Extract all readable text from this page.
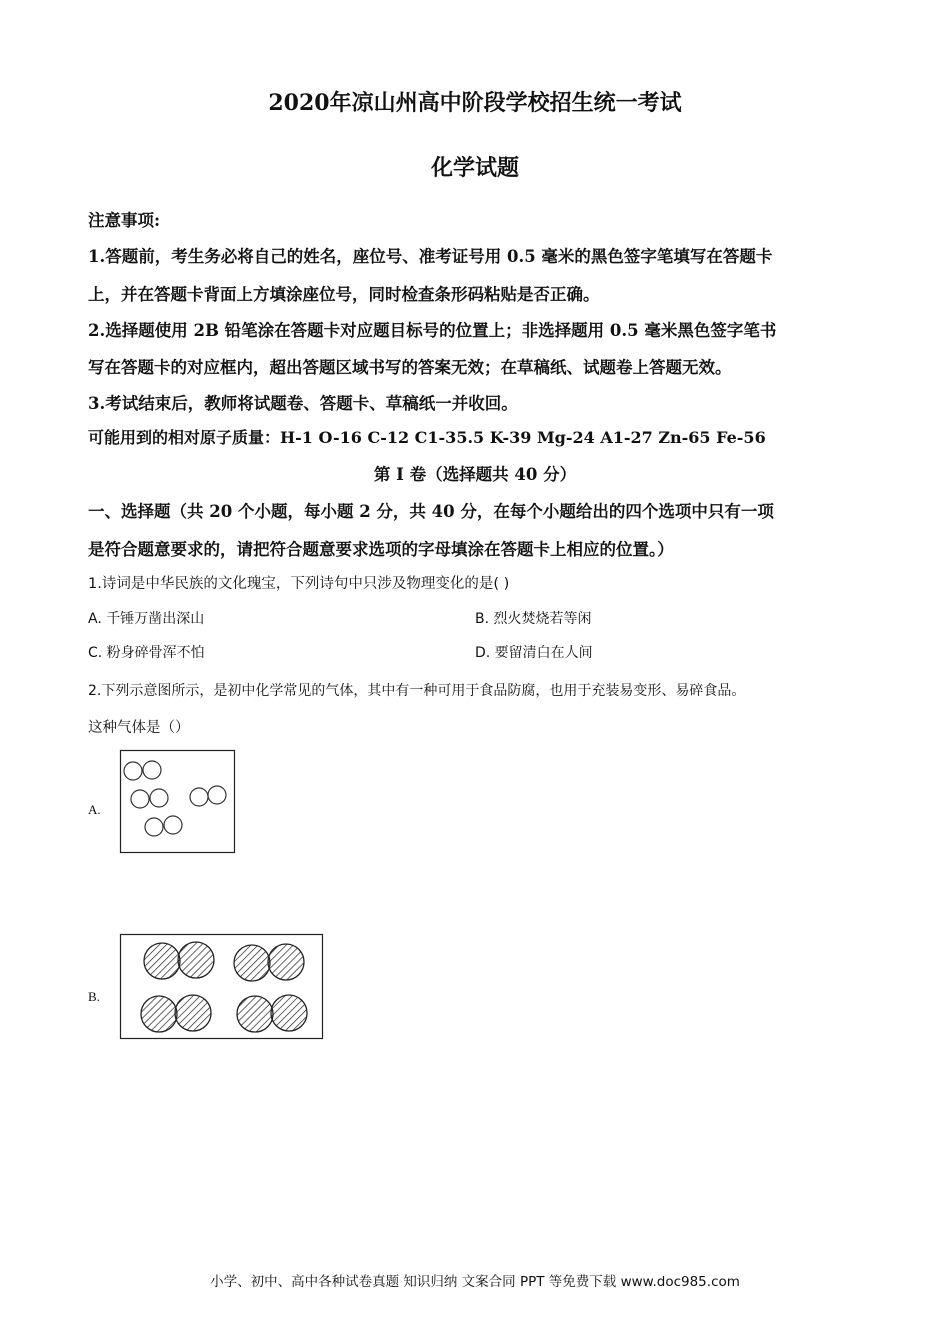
2020年凉山州高中阶段学校招生统一考试
化学试题
注意事项:
1.答题前，考生务必将自己的姓名，座位号、准考证号用 0.5 毫米的黑色签字笔填写在答题卡
上，并在答题卡背面上方填涂座位号，同时检查条形码粘贴是否正确。
2.选择题使用 2B 铅笔涂在答题卡对应题目标号的位置上；非选择题用 0.5 毫米黑色签字笔书
写在答题卡的对应框内，超出答题区域书写的答案无效；在草稿纸、试题卷上答题无效。
3.考试结束后，教师将试题卷、答题卡、草稿纸一并收回。
可能用到的相对原子质量：H-1 O-16 C-12 C1-35.5 K-39 Mg-24 A1-27 Zn-65 Fe-56
第 I 卷（选择题共 40 分）
一、选择题（共 20 个小题，每小题 2 分，共 40 分，在每个小题给出的四个选项中只有一项
是符合题意要求的，请把符合题意要求选项的字母填涂在答题卡上相应的位置。）
1.诗词是中华民族的文化瑰宝，下列诗句中只涉及物理变化的是( )
A. 千锤万凿出深山	B. 烈火焚烧若等闲
C. 粉身碎骨浑不怕	D. 要留清白在人间
2.下列示意图所示，是初中化学常见的气体，其中有一种可用于食品防腐，也用于充装易变形、易碎食品。
这种气体是（）
A.
B.
小学、初中、高中各种试卷真题 知识归纳 文案合同 PPT 等免费下载 www.doc985.com
